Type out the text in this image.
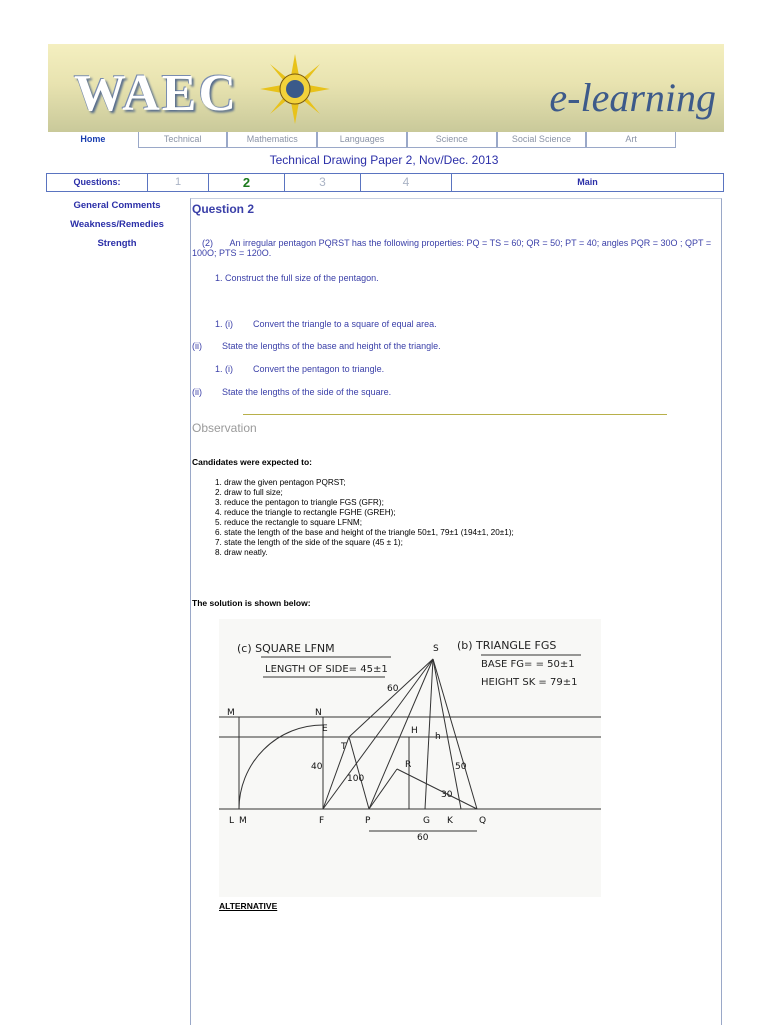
WAEC	e-learning
Home	Technical	Mathematics	Languages	Science	Social Science	Art
Technical Drawing Paper 2, Nov/Dec. 2013
Questions:	1	2	3	4	Main
General Comments
Weakness/Remedies
Strength
Question 2
(2) An irregular pentagon PQRST has the following properties: PQ = TS = 60; QR = 50; PT = 40; angles PQR = 30O ; QPT = 100O; PTS = 120O.
1. Construct the full size of the pentagon.
1. (i)        Convert the triangle to a square of equal area.
(ii)        State the lengths of the base and height of the triangle.
1. (i)        Convert the pentagon to triangle.
(ii)        State the lengths of the side of the square.
Observation
Candidates were expected to:
1. draw the given pentagon PQRST;
2. draw to full size;
3. reduce the pentagon to triangle FGS (GFR);
4. reduce the triangle to rectangle FGHE (GREH);
5. reduce the rectangle to square LFNM;
6. state the length of the base and height of the triangle 50±1, 79±1 (194±1, 20±1);
7. state the length of the side of the square (45 ± 1);
8. draw neatly.
The solution is shown below:
(c) SQUARE LFNM
LENGTH OF SIDE= 45±1
(b) TRIANGLE FGS
BASE FG= = 50±1
HEIGHT SK = 79±1
S
M	N
E
T
H
R
L M	F	P	G K	Q
60
40
100
50
30
60
h
ALTERNATIVE
